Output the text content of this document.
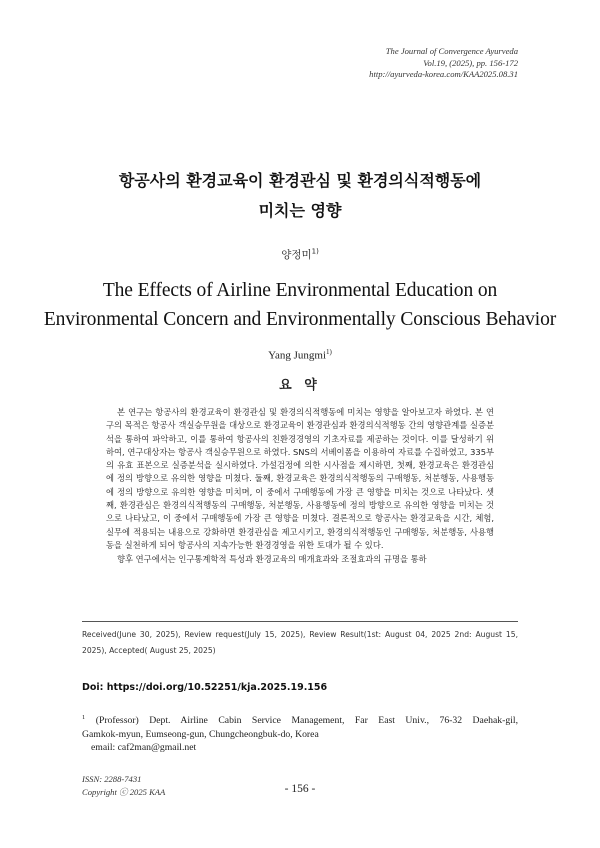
The Journal of Convergence Ayurveda
Vol.19, (2025), pp. 156-172
http://ayurveda-korea.com/KAA2025.08.31
항공사의 환경교육이 환경관심 및 환경의식적행동에
미치는 영향
양정미$^{1)}$
The Effects of Airline Environmental Education on
Environmental Concern and Environmentally Conscious Behavior
Yang Jungmi$^{1)}$
요 약

본 연구는 항공사의 환경교육이 환경관심 및 환경의식적행동에 미치는 영향을 알아보고자 하였다. 본 연구의 목적은 항공사 객실승무원을 대상으로 환경교육이 환경관심과 환경의식적행동 간의 영향관계를 실증분석을 통하여 파악하고, 이를 통하여 항공사의 친환경경영의 기초자료를 제공하는 것이다. 이를 달성하기 위하여, 연구대상자는 항공사 객실승무원으로 하였다. SNS의 서베이폼을 이용하여 자료를 수집하였고, 335부의 유효 표본으로 실증분석을 실시하였다. 가설검정에 의한 시사점을 제시하면, 첫째, 환경교육은 환경관심에 정의 방향으로 유의한 영향을 미쳤다. 둘째, 환경교육은 환경의식적행동의 구매행동, 처분행동, 사용행동에 정의 방향으로 유의한 영향을 미치며, 이 중에서 구매행동에 가장 큰 영향을 미치는 것으로 나타났다. 셋째, 환경관심은 환경의식적행동의 구매행동, 처분행동, 사용행동에 정의 방향으로 유의한 영향을 미치는 것으로 나타났고, 이 중에서 구매행동에 가장 큰 영향을 미쳤다. 결론적으로 항공사는 환경교육을 시간, 체험, 실무에 적용되는 내용으로 강화하면 환경관심을 제고시키고, 환경의식적행동인 구매행동, 처분행동, 사용행동을 실천하게 되어 항공사의 지속가능한 환경경영을 위한 토대가 될 수 있다.

향후 연구에서는 인구통계학적 특성과 환경교육의 매개효과와 조절효과의 규명을 통하

Received(June 30, 2025), Review request(July 15, 2025), Review Result(1st: August 04, 2025 2nd: August 15, 2025), Accepted( August 25, 2025)
Doi: https://doi.org/10.52251/kja.2025.19.156
$^1$ (Professor) Dept. Airline Cabin Service Management, Far East Univ., 76-32 Daehak-gil,
Gamkok-myun, Eumseong-gun, Chungcheongbuk-do, Korea
email: caf2man@gmail.net
ISSN: 2288-7431
Copyright ⓒ 2025 KAA	- 156 -
